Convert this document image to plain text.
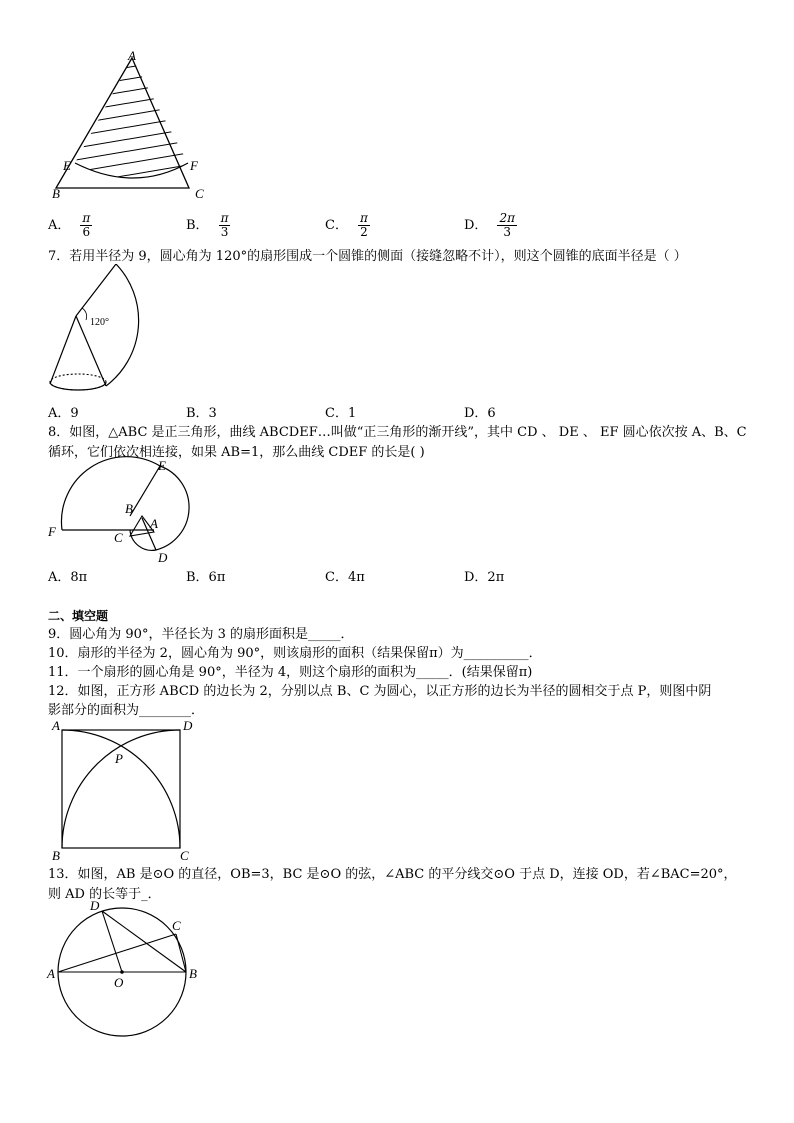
A
E	F
B	C
A． $\frac{\pi}{6}$	B． $\frac{\pi}{3}$	C． $\frac{\pi}{2}$	D． $\frac{2\pi}{3}$
7．若用半径为 9，圆心角为 120°的扇形围成一个圆锥的侧面（接缝忽略不计），则这个圆锥的底面半径是（ ）
120°
A．9	B．3	C．1	D．6
8．如图，△ABC 是正三角形，曲线 ABCDEF…叫做“正三角形的渐开线”，其中 CD 、 DE 、 EF 圆心依次按 A、B、C
循环，它们依次相连接，如果 AB=1，那么曲线 CDEF 的长是( )
E
B
A
F	C
D
A．8π	B．6π	C．4π	D．2π
二、填空题
9．圆心角为 90°，半径长为 3 的扇形面积是_____．
10．扇形的半径为 2，圆心角为 90°，则该扇形的面积（结果保留π）为__________．
11．一个扇形的圆心角是 90°，半径为 4，则这个扇形的面积为_____．(结果保留π)
12．如图，正方形 ABCD 的边长为 2，分别以点 B、C 为圆心，以正方形的边长为半径的圆相交于点 P，则图中阴
影部分的面积为________．
A	D
P
B	C
13．如图，AB 是⊙O 的直径，OB=3，BC 是⊙O 的弦，∠ABC 的平分线交⊙O 于点 D，连接 OD，若∠BAC=20°，
则 AD 的长等于_．
D
C
A	B
O
